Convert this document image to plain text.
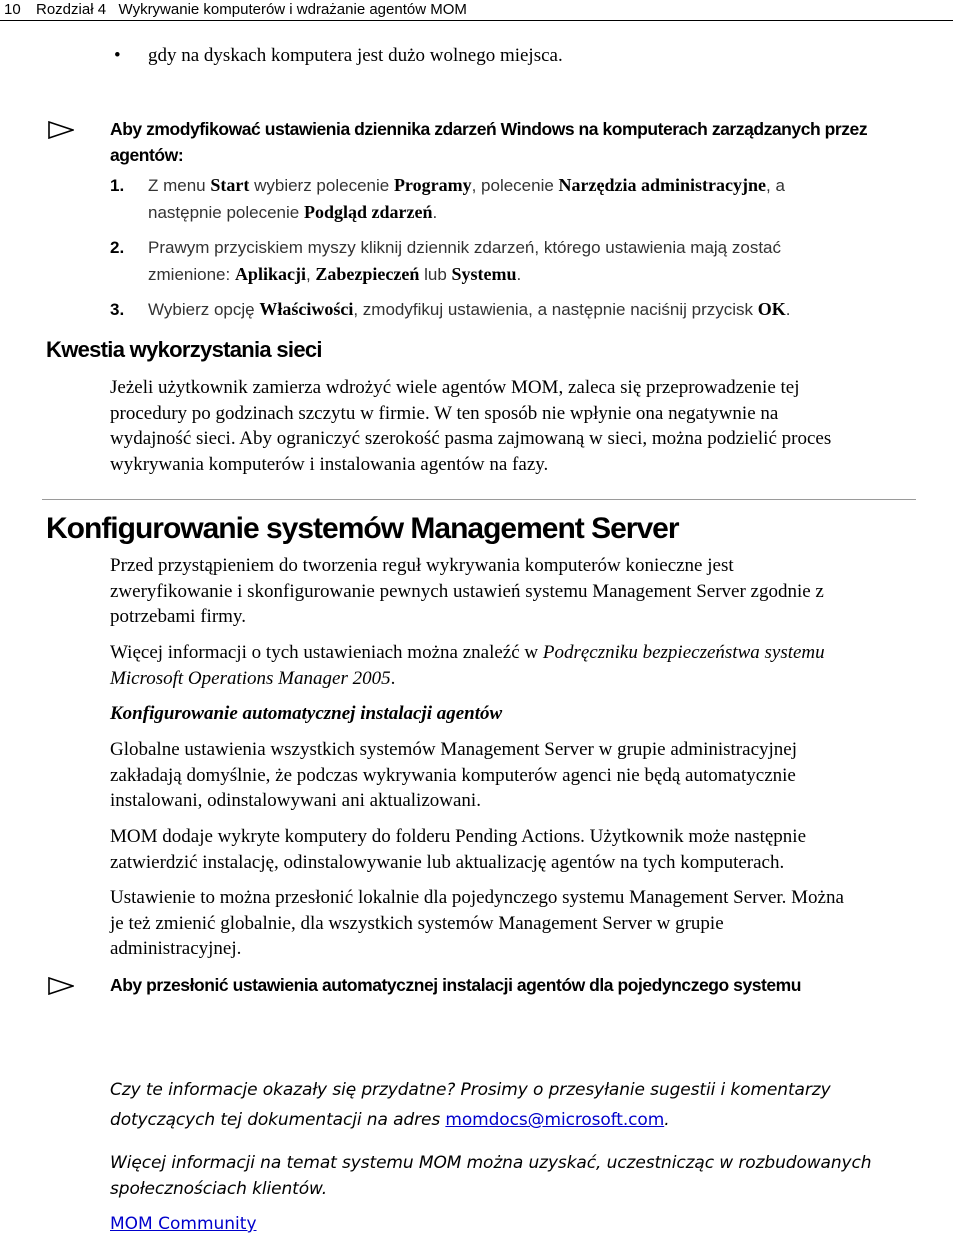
10 Rozdział 4   Wykrywanie komputerów i wdrażanie agentów MOM
• gdy na dyskach komputera jest dużo wolnego miejsca.
Aby zmodyfikować ustawienia dziennika zdarzeń Windows na komputerach zarządzanych przez
agentów:
1. Z menu Start wybierz polecenie Programy, polecenie Narzędzia administracyjne, a
następnie polecenie Podgląd zdarzeń.
2. Prawym przyciskiem myszy kliknij dziennik zdarzeń, którego ustawienia mają zostać
zmienione: Aplikacji, Zabezpieczeń lub Systemu.
3. Wybierz opcję Właściwości, zmodyfikuj ustawienia, a następnie naciśnij przycisk OK.
Kwestia wykorzystania sieci
Jeżeli użytkownik zamierza wdrożyć wiele agentów MOM, zaleca się przeprowadzenie tej
procedury po godzinach szczytu w firmie. W ten sposób nie wpłynie ona negatywnie na
wydajność sieci. Aby ograniczyć szerokość pasma zajmowaną w sieci, można podzielić proces
wykrywania komputerów i instalowania agentów na fazy.
Konfigurowanie systemów Management Server
Przed przystąpieniem do tworzenia reguł wykrywania komputerów konieczne jest
zweryfikowanie i skonfigurowanie pewnych ustawień systemu Management Server zgodnie z
potrzebami firmy.
Więcej informacji o tych ustawieniach można znaleźć w Podręczniku bezpieczeństwa systemu
Microsoft Operations Manager 2005.
Konfigurowanie automatycznej instalacji agentów
Globalne ustawienia wszystkich systemów Management Server w grupie administracyjnej
zakładają domyślnie, że podczas wykrywania komputerów agenci nie będą automatycznie
instalowani, odinstalowywani ani aktualizowani.
MOM dodaje wykryte komputery do folderu Pending Actions. Użytkownik może następnie
zatwierdzić instalację, odinstalowywanie lub aktualizację agentów na tych komputerach.
Ustawienie to można przesłonić lokalnie dla pojedynczego systemu Management Server. Można
je też zmienić globalnie, dla wszystkich systemów Management Server w grupie
administracyjnej.
Aby przesłonić ustawienia automatycznej instalacji agentów dla pojedynczego systemu
Czy te informacje okazały się przydatne? Prosimy o przesyłanie sugestii i komentarzy
dotyczących tej dokumentacji na adres momdocs@microsoft.com.
Więcej informacji na temat systemu MOM można uzyskać, uczestnicząc w rozbudowanych
społecznościach klientów.
MOM Community
